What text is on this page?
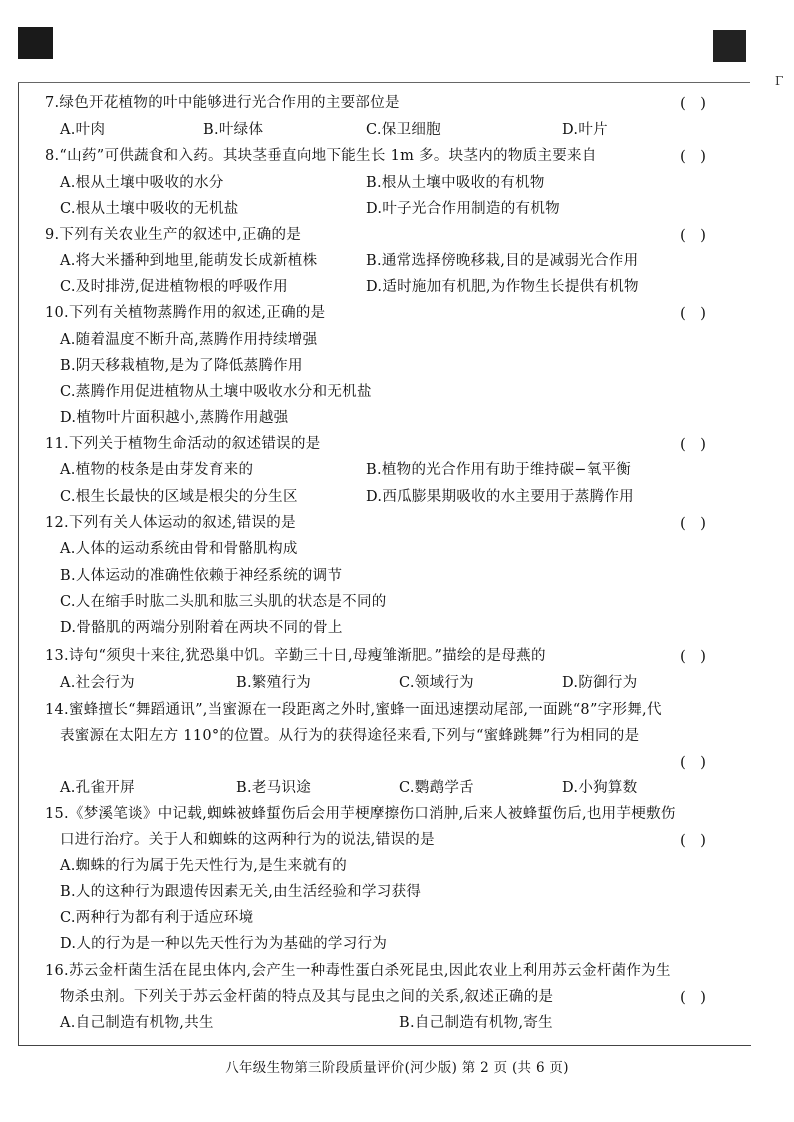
Γ
7.绿色开花植物的叶中能够进行光合作用的主要部位是	(   )
A.叶肉	B.叶绿体	C.保卫细胞	D.叶片
8.“山药”可供蔬食和入药。其块茎垂直向地下能生长 1m 多。块茎内的物质主要来自	(   )
A.根从土壤中吸收的水分	B.根从土壤中吸收的有机物
C.根从土壤中吸收的无机盐	D.叶子光合作用制造的有机物
9.下列有关农业生产的叙述中,正确的是	(   )
A.将大米播种到地里,能萌发长成新植株	B.通常选择傍晚移栽,目的是减弱光合作用
C.及时排涝,促进植物根的呼吸作用	D.适时施加有机肥,为作物生长提供有机物
10.下列有关植物蒸腾作用的叙述,正确的是	(   )
A.随着温度不断升高,蒸腾作用持续增强
B.阴天移栽植物,是为了降低蒸腾作用
C.蒸腾作用促进植物从土壤中吸收水分和无机盐
D.植物叶片面积越小,蒸腾作用越强
11.下列关于植物生命活动的叙述错误的是	(   )
A.植物的枝条是由芽发育来的	B.植物的光合作用有助于维持碳−氧平衡
C.根生长最快的区域是根尖的分生区	D.西瓜膨果期吸收的水主要用于蒸腾作用
12.下列有关人体运动的叙述,错误的是	(   )
A.人体的运动系统由骨和骨骼肌构成
B.人体运动的准确性依赖于神经系统的调节
C.人在缩手时肱二头肌和肱三头肌的状态是不同的
D.骨骼肌的两端分别附着在两块不同的骨上
13.诗句“须臾十来往,犹恐巢中饥。辛勤三十日,母瘦雏渐肥。”描绘的是母燕的	(   )
A.社会行为	B.繁殖行为	C.领域行为	D.防御行为
14.蜜蜂擅长“舞蹈通讯”,当蜜源在一段距离之外时,蜜蜂一面迅速摆动尾部,一面跳“8”字形舞,代
表蜜源在太阳左方 110°的位置。从行为的获得途径来看,下列与“蜜蜂跳舞”行为相同的是
(   )
A.孔雀开屏	B.老马识途	C.鹦鹉学舌	D.小狗算数
15.《梦溪笔谈》中记载,蜘蛛被蜂蜇伤后会用芋梗摩擦伤口消肿,后来人被蜂蜇伤后,也用芋梗敷伤
口进行治疗。关于人和蜘蛛的这两种行为的说法,错误的是	(   )
A.蜘蛛的行为属于先天性行为,是生来就有的
B.人的这种行为跟遗传因素无关,由生活经验和学习获得
C.两种行为都有利于适应环境
D.人的行为是一种以先天性行为为基础的学习行为
16.苏云金杆菌生活在昆虫体内,会产生一种毒性蛋白杀死昆虫,因此农业上利用苏云金杆菌作为生
物杀虫剂。下列关于苏云金杆菌的特点及其与昆虫之间的关系,叙述正确的是	(   )
A.自己制造有机物,共生	B.自己制造有机物,寄生
八年级生物第三阶段质量评价(河少版) 第 2 页 (共 6 页)
